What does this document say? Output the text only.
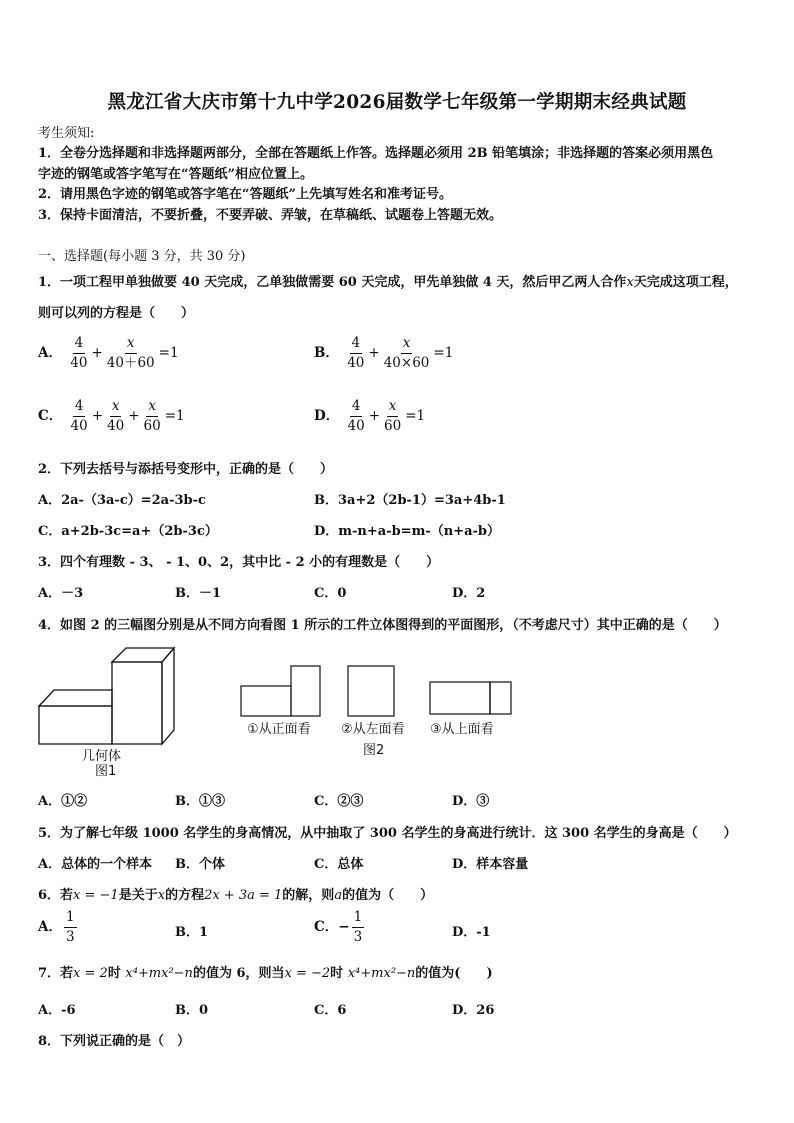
黑龙江省大庆市第十九中学2026届数学七年级第一学期期末经典试题
考生须知:
1．全卷分选择题和非选择题两部分，全部在答题纸上作答。选择题必须用 2B 铅笔填涂；非选择题的答案必须用黑色
字迹的钢笔或答字笔写在“答题纸”相应位置上。
2．请用黑色字迹的钢笔或答字笔在“答题纸”上先填写姓名和准考证号。
3．保持卡面清洁，不要折叠，不要弄破、弄皱，在草稿纸、试题卷上答题无效。
一、选择题(每小题 3 分，共 30 分)
1．一项工程甲单独做要 40 天完成，乙单独做需要 60 天完成，甲先单独做 4 天，然后甲乙两人合作x天完成这项工程，
则可以列的方程是（　　）
A． $\frac{4}{40} + \frac{x}{40+60} =1$	B． $\frac{4}{40} + \frac{x}{40\times 60} =1$
C． $\frac{4}{40} + \frac{x}{40} + \frac{x}{60} =1$	D． $\frac{4}{40} + \frac{x}{60} =1$
2．下列去括号与添括号变形中，正确的是（　　）
A．2a-（3a-c）=2a-3b-c	B．3a+2（2b-1）=3a+4b-1
C．a+2b-3c=a+（2b-3c）	D．m-n+a-b=m-（n+a-b）
3．四个有理数 - 3、 - 1、0、2，其中比 - 2 小的有理数是（　　）
A．－3	B．－1	C．0	D．2
4．如图 2 的三幅图分别是从不同方向看图 1 所示的工件立体图得到的平面图形，（不考虑尺寸）其中正确的是（　　）
几何体
图1
①从正面看 ②从左面看 ③从上面看
图2
A．①②	B．①③	C．②③	D．③
5．为了解七年级 1000 名学生的身高情况，从中抽取了 300 名学生的身高进行统计．这 300 名学生的身高是（　　）
A．总体的一个样本 B．个体	C．总体	D．样本容量
6．若x = −1是关于x的方程2x + 3a = 1的解，则a的值为（　　）
A． $\frac{1}{3}$	B．1	C．− $\frac{1}{3}$	D．-1
7．若x = 2时 x⁴+mx²−n的值为 6，则当x = −2时 x⁴+mx²−n的值为(　　)
A．-6	B．0	C．6	D．26
8．下列说正确的是（　）
